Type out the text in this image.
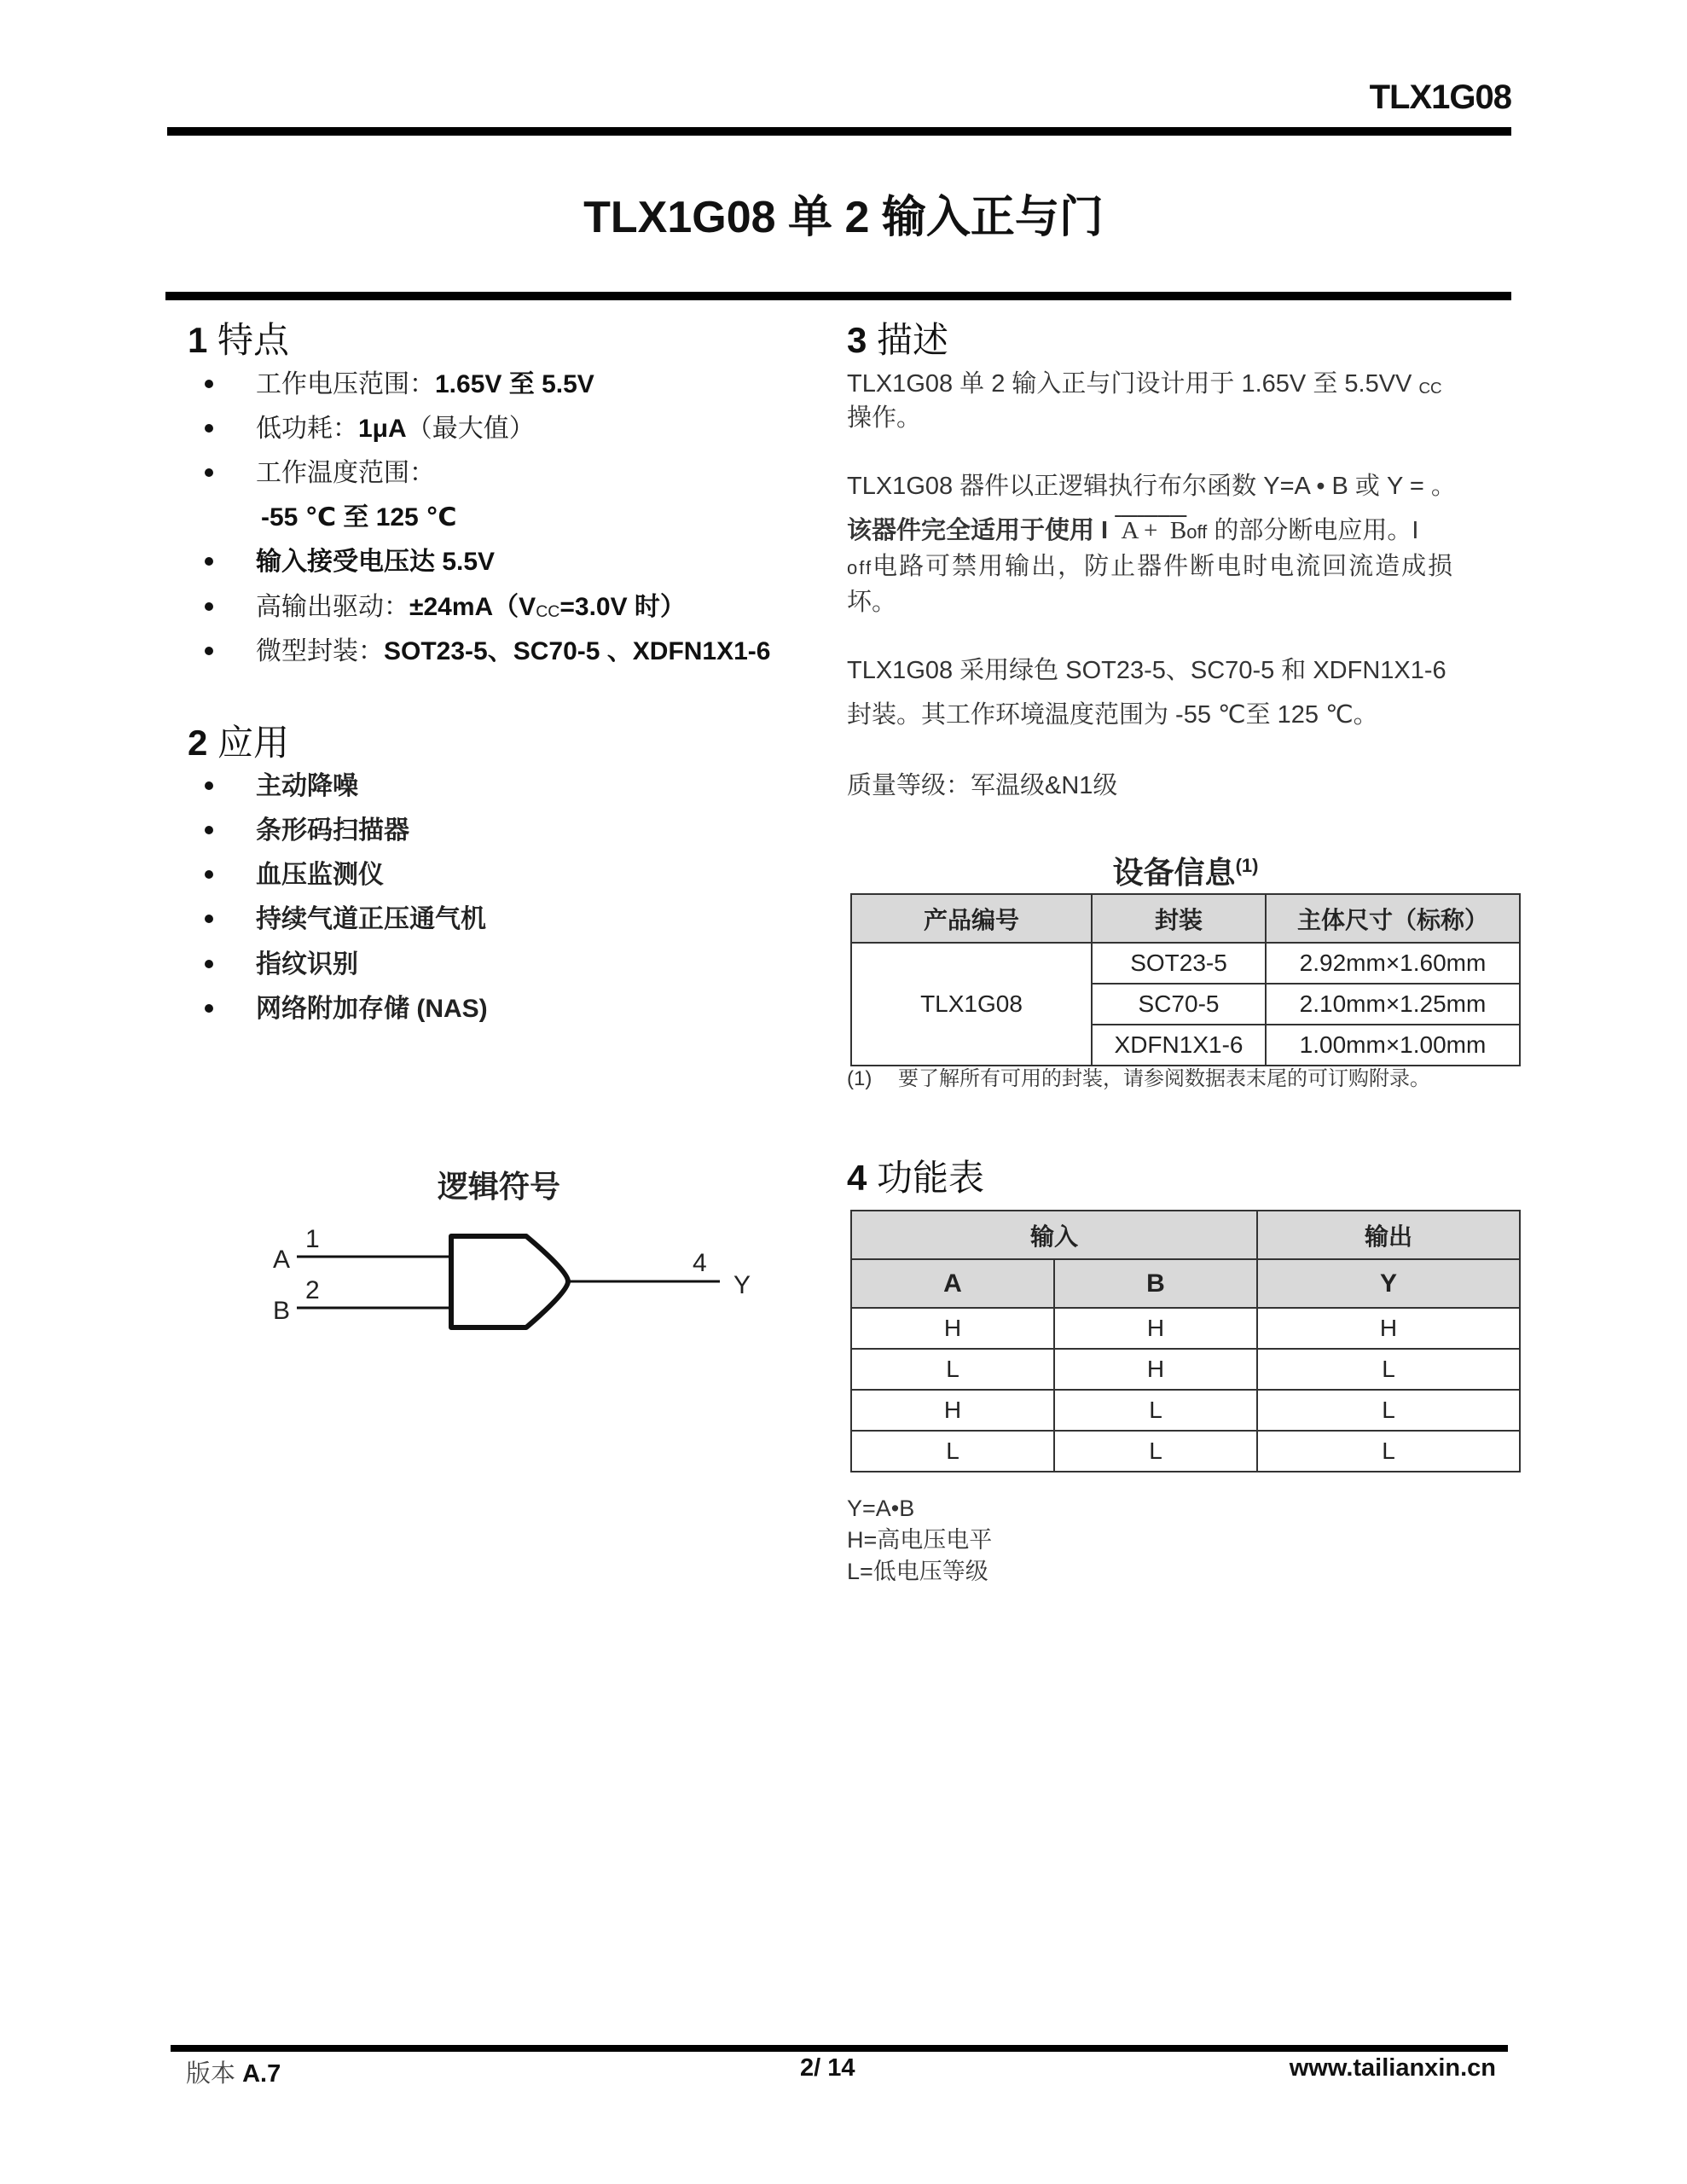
TLX1G08
TLX1G08 单 2 输入正与门
1 特点
工作电压范围：1.65V 至 5.5V
低功耗：1μA（最大值）
工作温度范围：
-55 ℃ 至 125 ℃
输入接受电压达 5.5V
高输出驱动：$\pm 24mA(V_{CC}=3.0V$ 时）
微型封装：SOT23-5、SC70-5 、XDFN1X1-6
2 应用
主动降噪
条形码扫描器
血压监测仪
持续气道正压通气机
指纹识别
网络附加存储 (NAS)
逻辑符号
A
1
B
2
4
Y
3 描述
TLX1G08 单 2 输入正与门设计用于 1.65V 至 5.5VV $_{CC}$
操作。
TLX1G08 器件以正逻辑执行布尔函数 Y=A • B 或 Y = 。
该器件完全适用于使用 I A + Boff 的部分断电应用。I
off电路可禁用输出，防止器件断电时电流回流造成损
坏。
TLX1G08 采用绿色 SOT23-5、SC70-5 和 XDFN1X1-6
封装。其工作环境温度范围为 -55 ℃至 125 ℃。
质量等级：军温级&N1级
设备信息$^{(1)}$
产品编号	封装	主体尺寸（标称）
TLX1G08	SOT23-5	2.92mm×1.60mm
	SC70-5	2.10mm×1.25mm
	XDFN1X1-6	1.00mm×1.00mm
(1) 要了解所有可用的封装，请参阅数据表末尾的可订购附录。
4 功能表
输入		输出
A	B	Y
H	H	H
L	H	L
H	L	L
L	L	L
Y=A•B
H=高电压电平
L=低电压等级
版本 A.7	2/ 14	www.tailianxin.cn
